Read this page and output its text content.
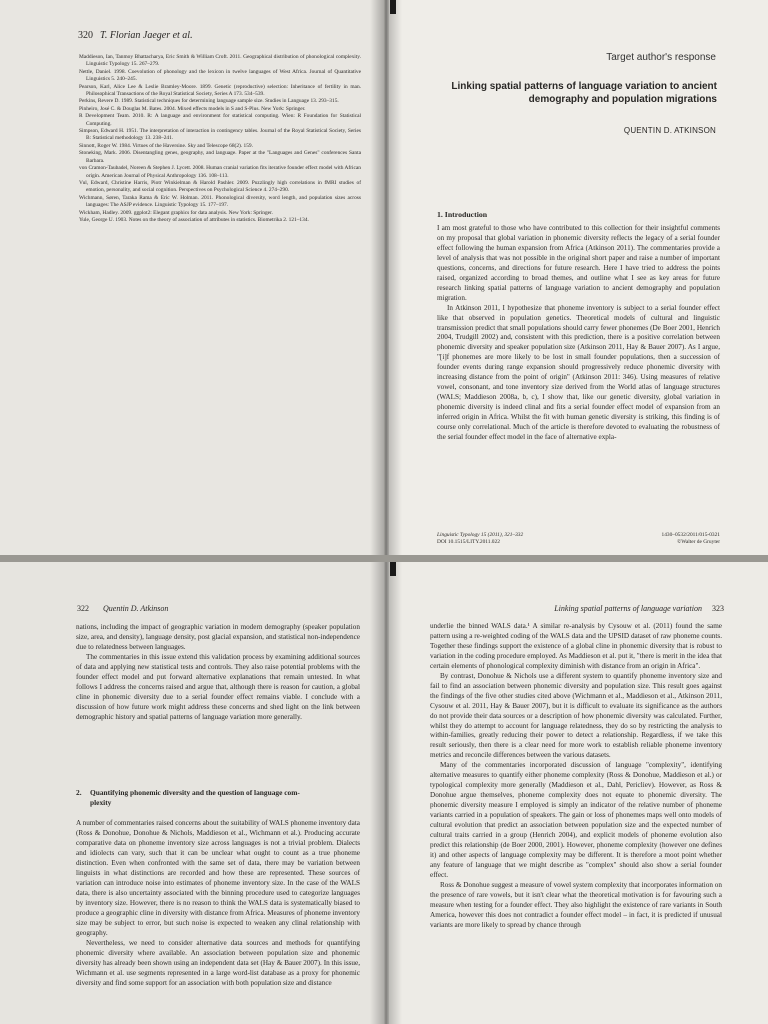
320 T. Florian Jaeger et al.

Maddieson, Ian, Tanmoy Bhattacharya, Eric Smith & William Croft. 2011. Geographical distribution of phonological complexity. Linguistic Typology 15. 267–279.

Nettle, Daniel. 1998. Coevolution of phonology and the lexicon in twelve languages of West Africa. Journal of Quantitative Linguistics 5. 240–245.

Pearson, Karl, Alice Lee & Leslie Bramley-Moore. 1899. Genetic (reproductive) selection: Inheritance of fertility in man. Philosophical Transactions of the Royal Statistical Society, Series A 173. 534–539.

Perkins, Revere D. 1989. Statistical techniques for determining language sample size. Studies in Language 13. 293–315.

Pinheiro, José C. & Douglas M. Bates. 2004. Mixed effects models in S and S-Plus. New York: Springer.

R Development Team. 2010. R: A language and environment for statistical computing. Wien: R Foundation for Statistical Computing.

Simpson, Edward H. 1951. The interpretation of interaction in contingency tables. Journal of the Royal Statistical Society, Series B: Statistical methodology 13. 238–241.

Sinnott, Roger W. 1984. Virtues of the Haversine. Sky and Telescope 68(2). 159.

Stoneking, Mark. 2006. Disentangling genes, geography, and language. Paper at the "Languages and Genes" conferences Santa Barbara.

von Cramon-Taubadel, Noreen & Stephen J. Lycett. 2008. Human cranial variation fits iterative founder effect model with African origin. American Journal of Physical Anthropology 136. 108–113.

Vul, Edward, Christine Harris, Piotr Winkielman & Harold Pashler. 2009. Puzzlingly high correlations in fMRI studies of emotion, personality, and social cognition. Perspectives on Psychological Science 4. 274–290.

Wichmann, Søren, Taraka Rama & Eric W. Holman. 2011. Phonological diversity, word length, and population sizes across languages: The ASJP evidence. Linguistic Typology 15. 177–197.

Wickham, Hadley. 2009. ggplot2: Elegant graphics for data analysis. New York: Springer.

Yule, George U. 1903. Notes on the theory of association of attributes in statistics. Biometrika 2. 121–134.

Target author's response
Linking spatial patterns of language variation to ancient demography and population migrations
QUENTIN D. ATKINSON
1. Introduction

I am most grateful to those who have contributed to this collection for their insightful comments on my proposal that global variation in phonemic diversity reflects the legacy of a serial founder effect following the human expansion from Africa (Atkinson 2011). The commentaries provide a level of analysis that was not possible in the original short paper and raise a number of important questions, concerns, and directions for future research. Here I have tried to address the points raised, organized according to broad themes, and outline what I see as key areas for future research linking spatial patterns of language variation to ancient demography and population migration.

In Atkinson 2011, I hypothesize that phoneme inventory is subject to a serial founder effect like that observed in population genetics. Theoretical models of cultural and linguistic transmission predict that small populations should carry fewer phonemes (De Boer 2001, Henrich 2004, Trudgill 2002) and, consistent with this prediction, there is a positive correlation between phonemic diversity and speaker population size (Atkinson 2011, Hay & Bauer 2007). As I argue, "[i]f phonemes are more likely to be lost in small founder populations, then a succession of founder events during range expansion should progressively reduce phonemic diversity with increasing distance from the point of origin" (Atkinson 2011: 346). Using measures of relative vowel, consonant, and tone inventory size derived from the World atlas of language structures (WALS; Maddieson 2008a, b, c), I show that, like our genetic diversity, global variation in phonemic diversity is indeed clinal and fits a serial founder effect model of expansion from an inferred origin in Africa. Whilst the fit with human genetic diversity is striking, this finding is of course only correlational. Much of the article is therefore devoted to evaluating the robustness of the serial founder effect model in the face of alternative expla-

Linguistic Typology 15 (2011), 321–332
DOI 10.1515/LITY.2011.022
1430–0532/2011/015-0321
©Walter de Gruyter
322 Quentin D. Atkinson

nations, including the impact of geographic variation in modern demography (speaker population size, area, and density), language density, post glacial expansion, and statistical non-independence due to relatedness between languages.

The commentaries in this issue extend this validation process by examining additional sources of data and applying new statistical tests and controls. They also raise potential problems with the founder effect model and put forward alternative explanations that remain untested. In what follows I address the concerns raised and argue that, although there is reason for caution, a global cline in phonemic diversity due to a serial founder effect remains viable. I conclude with a discussion of how future work might address these concerns and shed light on the link between demographic history and spatial patterns of language variation more generally.

2. Quantifying phonemic diversity and the question of language com-
plexity

A number of commentaries raised concerns about the suitability of WALS phoneme inventory data (Ross & Donohue, Donohue & Nichols, Maddieson et al., Wichmann et al.). Producing accurate comparative data on phoneme inventory size across languages is not a trivial problem. Dialects and idiolects can vary, such that it can be unclear what ought to count as a true phoneme distinction. Even when confronted with the same set of data, there may be variation between linguists in what distinctions are recorded and how these are represented. These sources of variation can introduce noise into estimates of phoneme inventory size. In the case of the WALS data, there is also uncertainty associated with the binning procedure used to categorize languages by inventory size. However, there is no reason to think the WALS data is systematically biased to produce a geographic cline in diversity with distance from Africa. Measures of phoneme inventory size may be subject to error, but such noise is expected to weaken any clinal relationship with geography.

Nevertheless, we need to consider alternative data sources and methods for quantifying phonemic diversity where available. An association between population size and phonemic diversity has already been shown using an independent data set (Hay & Bauer 2007). In this issue, Wichmann et al. use segments represented in a large word-list database as a proxy for phonemic diversity and find some support for an association with both population size and distance

Linking spatial patterns of language variation 323

underlie the binned WALS data.¹ A similar re-analysis by Cysouw et al. (2011) found the same pattern using a re-weighted coding of the WALS data and the UPSID dataset of raw phoneme counts. Together these findings support the existence of a global cline in phonemic diversity that is robust to variation in the coding procedure employed. As Maddieson et al. put it, "there is merit in the idea that certain elements of phonological complexity diminish with distance from an origin in Africa".

By contrast, Donohue & Nichols use a different system to quantify phoneme inventory size and fail to find an association between phonemic diversity and population size. This result goes against the findings of the five other studies cited above (Wichmann et al., Maddieson et al., Atkinson 2011, Cysouw et al. 2011, Hay & Bauer 2007), but it is difficult to evaluate its significance as the authors do not provide their data sources or a description of how phonemic diversity was calculated. Further, whilst they do attempt to account for language relatedness, they do so by restricting the analysis to within-families, greatly reducing their power to detect a relationship. Regardless, if we take this result seriously, then there is a clear need for more work to establish reliable phoneme inventory metrics and reconcile differences between the various datasets.

Many of the commentaries incorporated discussion of language "complexity", identifying alternative measures to quantify either phoneme complexity (Ross & Donohue, Maddieson et al.) or typological complexity more generally (Maddieson et al., Dahl, Pericliev). However, as Ross & Donohue argue themselves, phoneme complexity does not equate to phonemic diversity. The phonemic diversity measure I employed is simply an indicator of the relative number of phoneme variants carried in a population of speakers. The gain or loss of phonemes maps well onto models of cultural evolution that predict an association between population size and the expected number of cultural traits carried in a group (Henrich 2004), and explicit models of phoneme evolution also predict this relationship (de Boer 2000, 2001). However, phoneme complexity (however one defines it) and other aspects of language complexity may be different. It is therefore a moot point whether any feature of language that we might describe as "complex" should also show a serial founder effect.

Ross & Donohue suggest a measure of vowel system complexity that incorporates information on the presence of rare vowels, but it isn't clear what the theoretical motivation is for favouring such a measure when testing for a founder effect. They also highlight the existence of rare variants in South America, however this does not contradict a founder effect model – in fact, it is predicted if unusual variants are more likely to spread by chance through
